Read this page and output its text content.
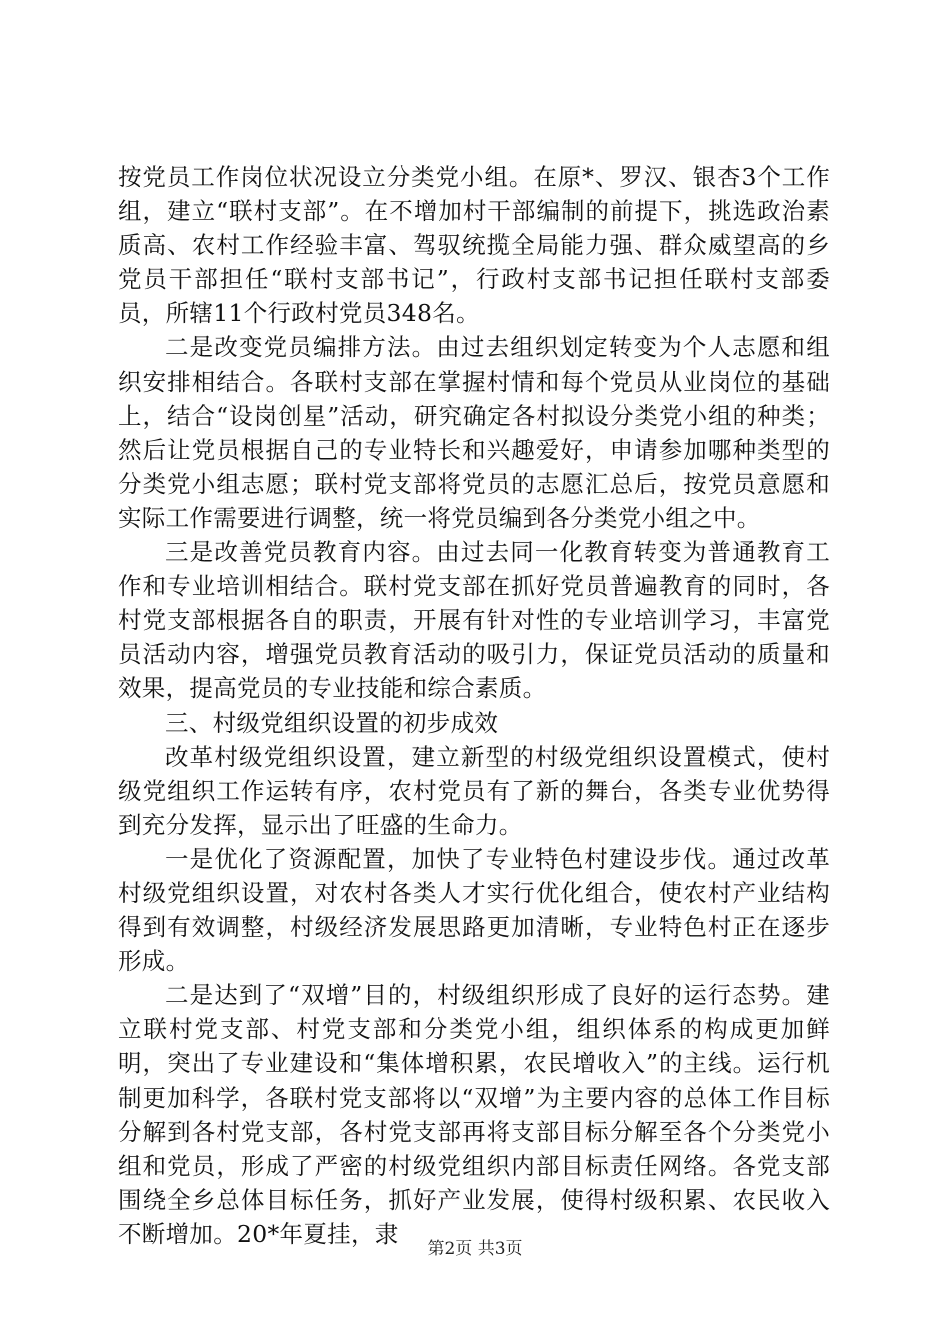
按党员工作岗位状况设立分类党小组。在原*、罗汉、银杏3个工作组，建立“联村支部”。在不增加村干部编制的前提下，挑选政治素质高、农村工作经验丰富、驾驭统揽全局能力强、群众威望高的乡党员干部担任“联村支部书记”，行政村支部书记担任联村支部委员，所辖11个行政村党员348名。

二是改变党员编排方法。由过去组织划定转变为个人志愿和组织安排相结合。各联村支部在掌握村情和每个党员从业岗位的基础上，结合“设岗创星”活动，研究确定各村拟设分类党小组的种类；然后让党员根据自己的专业特长和兴趣爱好，申请参加哪种类型的分类党小组志愿；联村党支部将党员的志愿汇总后，按党员意愿和实际工作需要进行调整，统一将党员编到各分类党小组之中。

三是改善党员教育内容。由过去同一化教育转变为普通教育工作和专业培训相结合。联村党支部在抓好党员普遍教育的同时，各村党支部根据各自的职责，开展有针对性的专业培训学习，丰富党员活动内容，增强党员教育活动的吸引力，保证党员活动的质量和效果，提高党员的专业技能和综合素质。

三、村级党组织设置的初步成效

改革村级党组织设置，建立新型的村级党组织设置模式，使村级党组织工作运转有序，农村党员有了新的舞台，各类专业优势得到充分发挥，显示出了旺盛的生命力。

一是优化了资源配置，加快了专业特色村建设步伐。通过改革村级党组织设置，对农村各类人才实行优化组合，使农村产业结构得到有效调整，村级经济发展思路更加清晰，专业特色村正在逐步形成。

二是达到了“双增”目的，村级组织形成了良好的运行态势。建立联村党支部、村党支部和分类党小组，组织体系的构成更加鲜明，突出了专业建设和“集体增积累，农民增收入”的主线。运行机制更加科学，各联村党支部将以“双增”为主要内容的总体工作目标分解到各村党支部，各村党支部再将支部目标分解至各个分类党小组和党员，形成了严密的村级党组织内部目标责任网络。各党支部围绕全乡总体目标任务，抓好产业发展，使得村级积累、农民收入不断增加。20*年夏挂，隶

第2页 共3页
